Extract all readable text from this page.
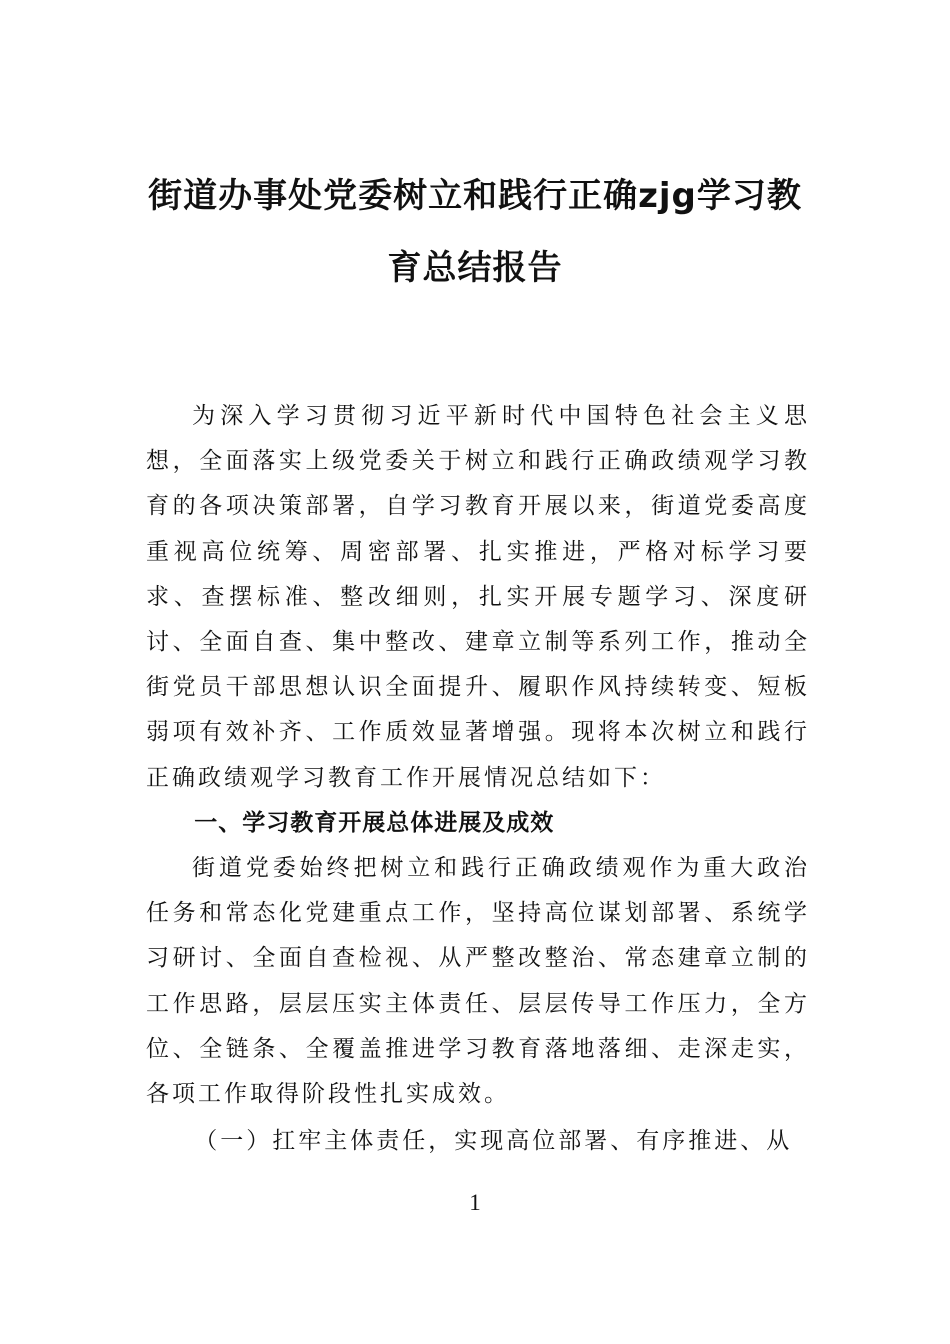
街道办事处党委树立和践行正确zjg学习教
育总结报告

为深入学习贯彻习近平新时代中国特色社会主义思想，全面落实上级党委关于树立和践行正确政绩观学习教育的各项决策部署，自学习教育开展以来，街道党委高度重视高位统筹、周密部署、扎实推进，严格对标学习要求、查摆标准、整改细则，扎实开展专题学习、深度研讨、全面自查、集中整改、建章立制等系列工作，推动全街党员干部思想认识全面提升、履职作风持续转变、短板弱项有效补齐、工作质效显著增强。现将本次树立和践行正确政绩观学习教育工作开展情况总结如下：

一、学习教育开展总体进展及成效

街道党委始终把树立和践行正确政绩观作为重大政治任务和常态化党建重点工作，坚持高位谋划部署、系统学习研讨、全面自查检视、从严整改整治、常态建章立制的工作思路，层层压实主体责任、层层传导工作压力，全方位、全链条、全覆盖推进学习教育落地落细、走深走实，各项工作取得阶段性扎实成效。

（一）扛牢主体责任，实现高位部署、有序推进、从

1
